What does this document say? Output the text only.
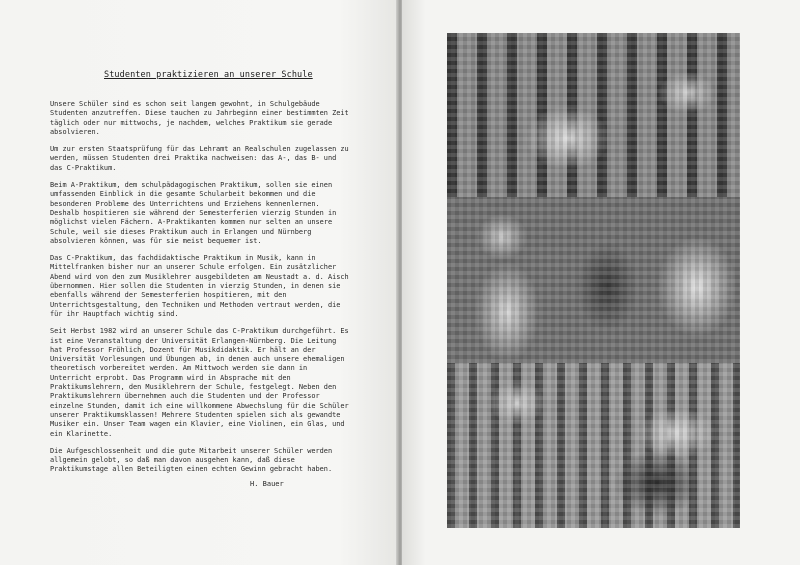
Studenten praktizieren an unserer Schule

Unsere Schüler sind es schon seit langem gewohnt, in Schulgebäude Studenten anzutreffen. Diese tauchen zu Jahrbeginn einer bestimmten Zeit täglich oder nur mittwochs, je nachdem, welches Praktikum sie gerade absolvieren.

Um zur ersten Staatsprüfung für das Lehramt an Realschulen zugelassen zu werden, müssen Studenten drei Praktika nachweisen: das A-, das B- und das C-Praktikum.

Beim A-Praktikum, dem schulpädagogischen Praktikum, sollen sie einen umfassenden Einblick in die gesamte Schularbeit bekommen und die besonderen Probleme des Unterrichtens und Erziehens kennenlernen. Deshalb hospitieren sie während der Semesterferien vierzig Stunden in möglichst vielen Fächern. A-Praktikanten kommen nur selten an unsere Schule, weil sie dieses Praktikum auch in Erlangen und Nürnberg absolvieren können, was für sie meist bequemer ist.

Das C-Praktikum, das fachdidaktische Praktikum in Musik, kann in Mittelfranken bisher nur an unserer Schule erfolgen. Ein zusätzlicher Abend wird von den zum Musiklehrer ausgebildeten am Neustadt a. d. Aisch übernommen. Hier sollen die Studenten in vierzig Stunden, in denen sie ebenfalls während der Semesterferien hospitieren, mit den Unterrichtsgestaltung, den Techniken und Methoden vertraut werden, die für ihr Hauptfach wichtig sind.

Seit Herbst 1982 wird an unserer Schule das C-Praktikum durchgeführt. Es ist eine Veranstaltung der Universität Erlangen-Nürnberg. Die Leitung hat Professor Fröhlich, Dozent für Musikdidaktik. Er hält an der Universität Vorlesungen und Übungen ab, in denen auch unsere ehemaligen theoretisch vorbereitet werden. Am Mittwoch werden sie dann in Unterricht erprobt. Das Programm wird in Absprache mit den Praktikumslehrern, den Musiklehrern der Schule, festgelegt. Neben den Praktikumslehrern übernehmen auch die Studenten und der Professor einzelne Stunden, damit ich eine willkommene Abwechslung für die Schüler unserer Praktikumsklassen! Mehrere Studenten spielen sich als gewandte Musiker ein. Unser Team wagen ein Klavier, eine Violinen, ein Glas, und ein Klarinette.

Die Aufgeschlossenheit und die gute Mitarbeit unserer Schüler werden allgemein gelobt, so daß man davon ausgehen kann, daß diese Praktikumstage allen Beteiligten einen echten Gewinn gebracht haben.

H. Bauer
